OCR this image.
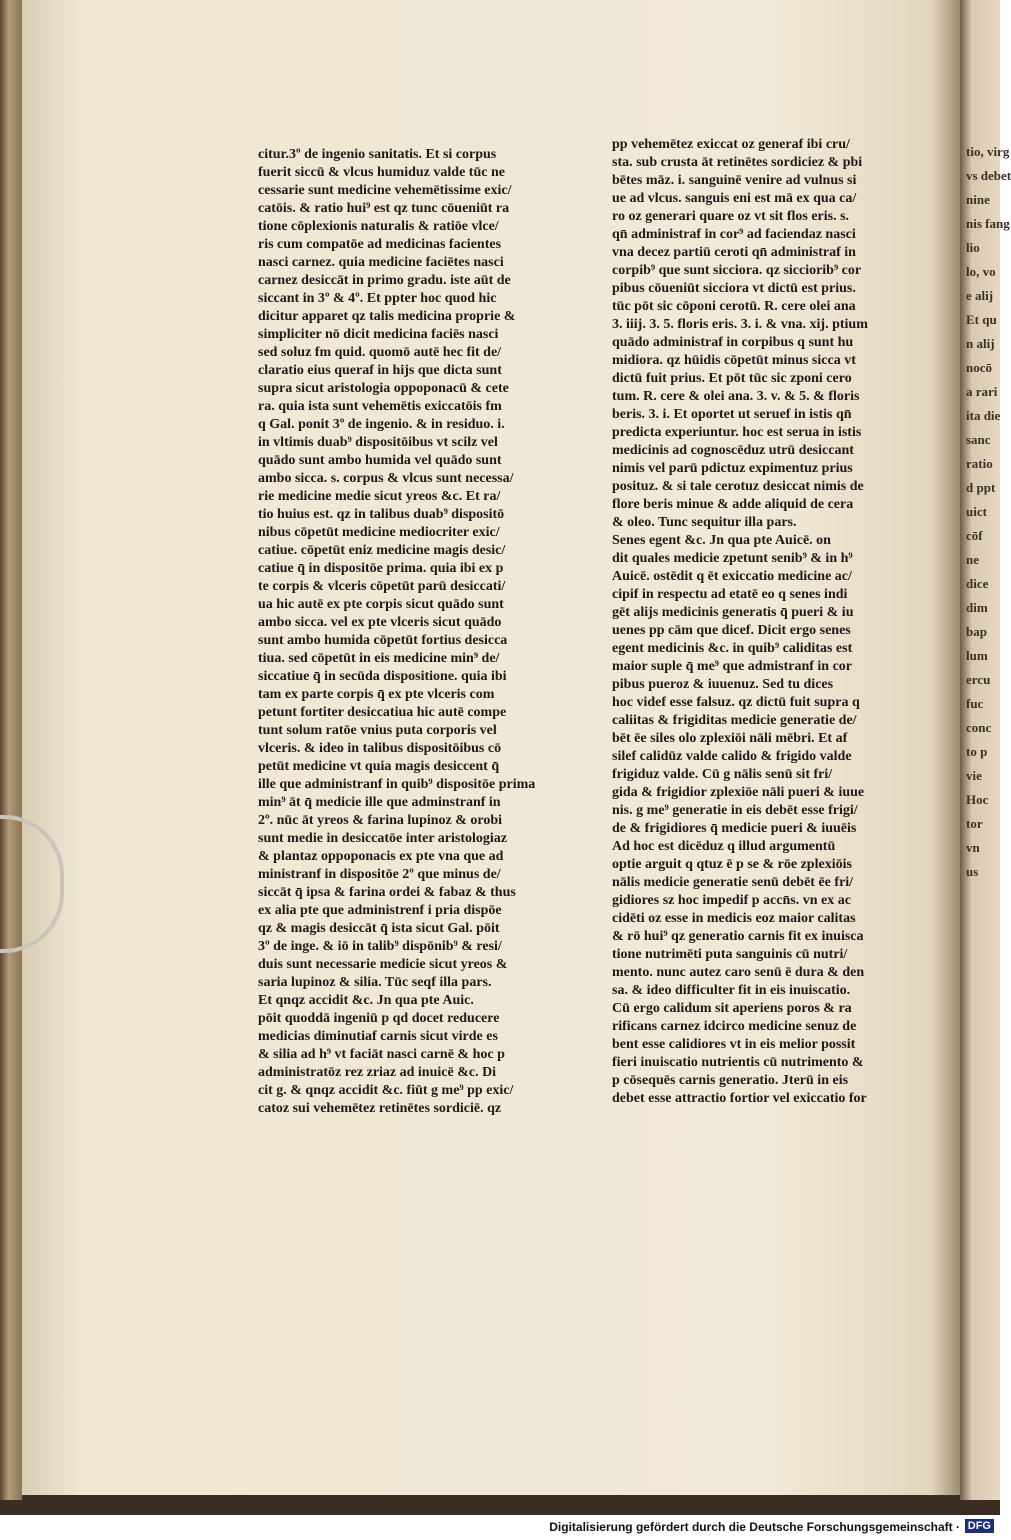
tio, virg
vs debet
nine
nis fang
lio
lo, vo
e alij
Et qu
n alij
nocō
a rari
ita die
sanc
ratio
d ppt
uict
cōf
ne
dice
dim
bap
lum
ercu
fuc
conc
to p
vie
Hoc
tor
vn
us
citur.3º de ingenio sanitatis. Et si corpus
fuerit siccū & vlcus humiduz valde tūc ne
cessarie sunt medicine vehemētissime exic/
catōis. & ratio hui⁹ est qz tunc cōueniūt ra
tione cōplexionis naturalis & ratiōe vlce/
ris cum compatōe ad medicinas facientes
nasci carnez. quia medicine faciētes nasci
carnez desiccāt in primo gradu. iste aūt de
siccant in 3º & 4º. Et ppter hoc quod hic
dicitur apparet qz talis medicina proprie &
simpliciter nō dicit medicina faciēs nasci
sed soluz fm quid. quomō autē hec fit de/
claratio eius queraf in hijs que dicta sunt
supra sicut aristologia oppoponacū & cete
ra. quia ista sunt vehemētis exiccatōis fm
q Gal. ponit 3º de ingenio. & in residuo. i.
in vltimis duab⁹ dispositōibus vt scilz vel
quādo sunt ambo humida vel quādo sunt
ambo sicca. s. corpus & vlcus sunt necessa/
rie medicine medie sicut yreos &c. Et ra/
tio huius est. qz in talibus duab⁹ dispositō
nibus cōpetūt medicine mediocriter exic/
catiue. cōpetūt eniz medicine magis desic/
catiue q̄ in dispositōe prima. quia ibi ex p
te corpis & vlceris cōpetūt parū desiccati/
ua hic autē ex pte corpis sicut quādo sunt
ambo sicca. vel ex pte vlceris sicut quādo
sunt ambo humida cōpetūt fortius desicca
tiua. sed cōpetūt in eis medicine min⁹ de/
siccatiue q̄ in secūda dispositione. quia ibi
tam ex parte corpis q̄ ex pte vlceris com
petunt fortiter desiccatiua hic autē compe
tunt solum ratōe vnius puta corporis vel
vlceris. & ideo in talibus dispositōibus cō
petūt medicine vt quia magis desiccent q̄
ille que administranf in quib⁹ dispositōe prima
min⁹ āt q̄ medicie ille que adminstranf in
2º. nūc āt yreos & farina lupinoz & orobi
sunt medie in desiccatōe inter aristologiaz
& plantaz oppoponacis ex pte vna que ad
ministranf in dispositōe 2º que minus de/
siccāt q̄ ipsa & farina ordei & fabaz & thus
ex alia pte que administrenf i pria dispōe
qz & magis desiccāt q̄ ista sicut Gal. pōit
3º de inge. & iō in talib⁹ dispōnib⁹ & resi/
duis sunt necessarie medicie sicut yreos &
saria lupinoz & silia. Tūc seqf illa pars.
Et qnqz accidit &c. Jn qua pte Auic.
pōit quoddā ingeniū p qd docet reducere
medicias diminutiaf carnis sicut virde es
& silia ad h⁹ vt faciāt nasci carnē & hoc p
administratōz rez zriaz ad inuicē &c. Di
cit g. & qnqz accidit &c. fiūt g me⁹ pp exic/
catoz sui vehemētez retinētes sordiciē. qz
pp vehemētez exiccat oz generaf ibi cru/
sta. sub crusta āt retinētes sordiciez & pbi
bētes māz. i. sanguinē venire ad vulnus si
ue ad vlcus. sanguis eni est mā ex qua ca/
ro oz generari quare oz vt sit flos eris. s.
qn̄ administraf in cor⁹ ad faciendaz nasci
vna decez partiū ceroti qn̄ administraf in
corpib⁹ que sunt sicciora. qz sicciorib⁹ cor
pibus cōueniūt sicciora vt dictū est prius.
tūc pōt sic cōponi cerotū. R. cere olei ana
3. iiij. 3. 5. floris eris. 3. i. & vna. xij. ptium
quādo administraf in corpibus q sunt hu
midiora. qz hūidis cōpetūt minus sicca vt
dictū fuit prius. Et pōt tūc sic zponi cero
tum. R. cere & olei ana. 3. v. & 5. & floris
beris. 3. i. Et oportet ut seruef in istis qn̄
predicta experiuntur. hoc est serua in istis
medicinis ad cognoscēduz utrū desiccant
nimis vel parū pdictuz expimentuz prius
posituz. & si tale cerotuz desiccat nimis de
flore beris minue & adde aliquid de cera
& oleo. Tunc sequitur illa pars.
Senes egent &c. Jn qua pte Auicē. on
dit quales medicie zpetunt senib⁹ & in h⁹
Auicē. ostēdit q ēt exiccatio medicine ac/
cipif in respectu ad etatē eo q senes indi
gēt alijs medicinis generatis q̄ pueri & iu
uenes pp cām que dicef. Dicit ergo senes
egent medicinis &c. in quib⁹ caliditas est
maior suple q̄ me⁹ que admistranf in cor
pibus pueroz & iuuenuz. Sed tu dices
hoc videf esse falsuz. qz dictū fuit supra q
caliitas & frigiditas medicie generatie de/
bēt ēe siles olo zplexiōi nāli mēbri. Et af
silef calidūz valde calido & frigido valde
frigiduz valde. Cū g nālis senū sit fri/
gida & frigidior zplexiōe nāli pueri & iuue
nis. g me⁹ generatie in eis debēt esse frigi/
de & frigidiores q̄ medicie pueri & iuuēis
Ad hoc est dicēduz q illud argumentū
optie arguit q qtuz ē p se & rōe zplexiōis
nālis medicie generatie senū debēt ēe fri/
gidiores sz hoc impedif p accn̄s. vn ex ac
cidēti oz esse in medicis eoz maior calitas
& rō hui⁹ qz generatio carnis fit ex inuisca
tione nutrimēti puta sanguinis cū nutri/
mento. nunc autez caro senū ē dura & den
sa. & ideo difficulter fit in eis inuiscatio.
Cū ergo calidum sit aperiens poros & ra
rificans carnez idcirco medicine senuz de
bent esse calidiores vt in eis melior possit
fieri inuiscatio nutrientis cū nutrimento &
p cōsequēs carnis generatio. Jterū in eis
debet esse attractio fortior vel exiccatio for
Digitalisierung gefördert durch die Deutsche Forschungsgemeinschaft · DFG
